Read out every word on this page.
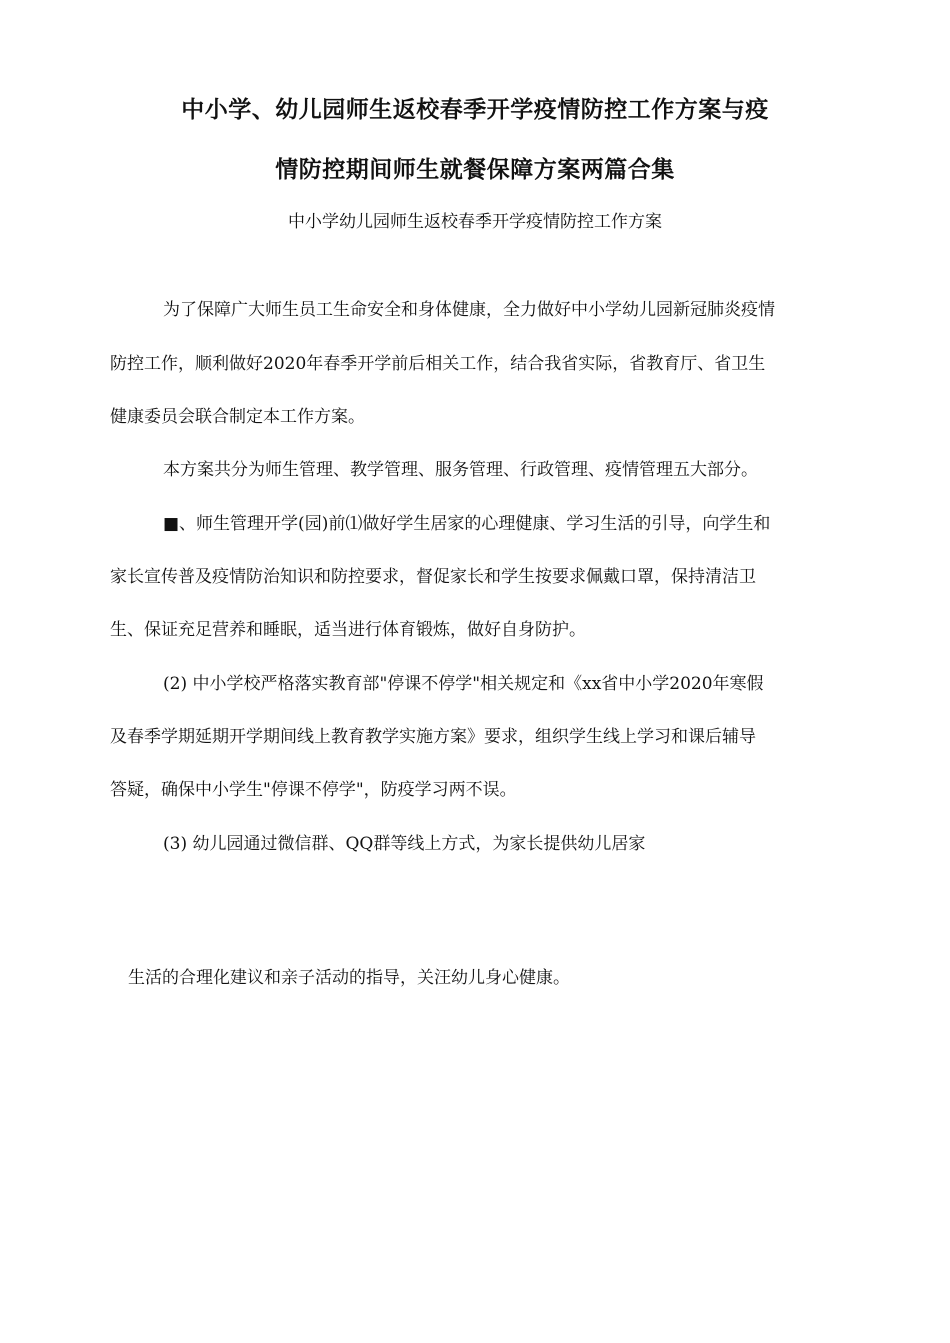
中小学、幼儿园师生返校春季开学疫情防控工作方案与疫
情防控期间师生就餐保障方案两篇合集
中小学幼儿园师生返校春季开学疫情防控工作方案
为了保障广大师生员工生命安全和身体健康，全力做好中小学幼儿园新冠肺炎疫情
防控工作，顺利做好2020年春季开学前后相关工作，结合我省实际，省教育厅、省卫生
健康委员会联合制定本工作方案。
本方案共分为师生管理、教学管理、服务管理、行政管理、疫情管理五大部分。
■、师生管理开学(园)前⑴做好学生居家的心理健康、学习生活的引导，向学生和
家长宣传普及疫情防治知识和防控要求，督促家长和学生按要求佩戴口罩，保持清洁卫
生、保证充足营养和睡眠，适当进行体育锻炼，做好自身防护。
(2) 中小学校严格落实教育部"停课不停学"相关规定和《xx省中小学2020年寒假
及春季学期延期开学期间线上教育教学实施方案》要求，组织学生线上学习和课后辅导
答疑，确保中小学生"停课不停学"，防疫学习两不误。
(3) 幼儿园通过微信群、QQ群等线上方式，为家长提供幼儿居家
生活的合理化建议和亲子活动的指导，关汪幼儿身心健康。
